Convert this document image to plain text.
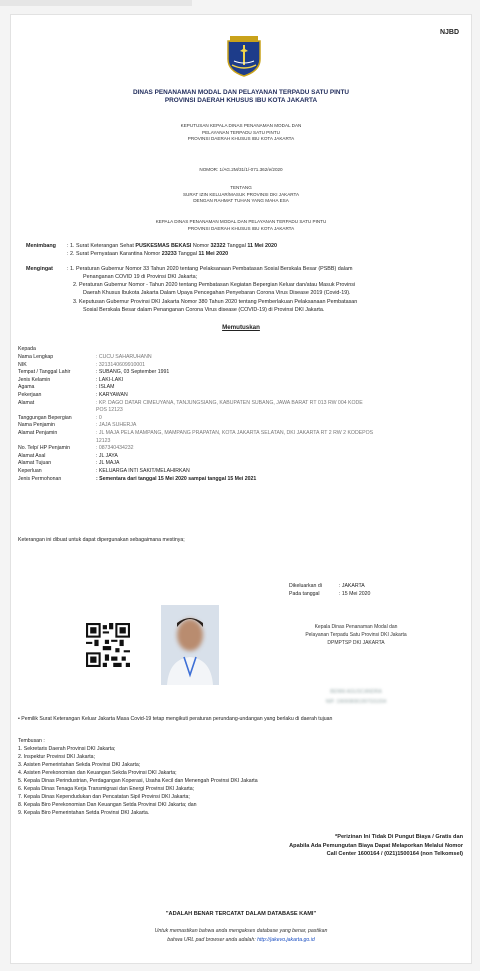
NJBD
DINAS PENANAMAN MODAL DAN PELAYANAN TERPADU SATU PINTU
PROVINSI DAERAH KHUSUS IBU KOTA JAKARTA
KEPUTUSAN KEPALA DINAS PENANAMAN MODAL DAN
PELAYANAN TERPADU SATU PINTU
PROVINSI DAERAH KHUSUS IBU KOTA JAKARTA
NOMOR: 1/AG.2M/31/1/-071.362/e/2020
TENTANG
SURAT IZIN KELUAR/MASUK PROVINSI DKI JAKARTA
DENGAN RAHMAT TUHAN YANG MAHA ESA
KEPALA DINAS PENANAMAN MODAL DAN PELAYANAN TERPADU SATU PINTU
PROVINSI DAERAH KHUSUS IBU KOTA JAKARTA
Menimbang : 1. Surat Keterangan Sehat PUSKESMAS BEKASI Nomor 32322 Tanggal 11 Mei 2020
: 2. Surat Pernyataan Karantina Nomor 23233 Tanggal 11 Mei 2020
Mengingat	: 1. Peraturan Gubernur Nomor 33 Tahun 2020 tentang Pelaksanaan Pembatasan Sosial Berskala Besar (PSBB) dalam
Penanganan COVID 19 di Provinsi DKI Jakarta;
2. Peraturan Gubernur Nomor - Tahun 2020 tentang Pembatasan Kegiatan Bepergian Keluar dan/atau Masuk Provinsi
Daerah Khusus Ibukota Jakarta Dalam Upaya Pencegahan Penyebaran Corona Virus Disease 2019 (Covid-19).
3. Keputusan Gubernur Provinsi DKI Jakarta Nomor 380 Tahun 2020 tentang Pemberlakuan Pelaksanaan Pembatasan
Sosial Berskala Besar dalam Penanganan Corona Virus disease (COVID-19) di Provinsi DKI Jakarta.
Memutuskan
Kepada
Nama Lengkap	: CUCU SAHARUHANN
NIK	: 3213140609910001
Tempat / Tanggal Lahir	: SUBANG, 03 September 1991
Jenis Kelamin	: LAKI-LAKI
Agama	: ISLAM
Pekerjaan	: KARYAWAN
Alamat	: KP. DAGO DATAR CIMEUYANA, TANJUNGSIANG, KABUPATEN SUBANG, JAWA BARAT RT 013 RW 004 KODE
POS 12123
Tanggungan Bepergian	: 0
Nama Penjamin	: JAJA SUHERJA
Alamat Penjamin	: JL MAJA PELA MAMPANG, MAMPANG PRAPATAN, KOTA JAKARTA SELATAN, DKI JAKARTA RT 2 RW 2 KODEPOS
12123
No. Telp/ HP Penjamin	: 087340434232
Alamat Asal	: JL JAYA
Alamat Tujuan	: JL MAJA
Keperluan	: KELUARGA INTI SAKIT/MELAHIRKAN
Jenis Permohonan	: Sementara dari tanggal 15 Mei 2020 sampai tanggal 15 Mei 2021
Keterangan ini dibuat untuk dapat dipergunakan sebagaimana mestinya;
Dikeluarkan di	: JAKARTA
Pada tanggal	: 15 Mei 2020
Kepala Dinas Penanaman Modal dan
Pelayanan Terpadu Satu Provinsi DKI Jakarta
DPMPTSP DKI JAKARTA
BENNI AGUSCANDRA
NIP. 196908081997031004
• Pemilik Surat Keterangan Keluar Jakarta Masa Covid-19 tetap mengikuti peraturan perundang-undangan yang berlaku di daerah tujuan
Tembusan :
1. Sekretaris Daerah Provinsi DKI Jakarta;
2. Inspektur Provinsi DKI Jakarta;
3. Asisten Pemerintahan Sekda Provinsi DKI Jakarta;
4. Asisten Perekonomian dan Keuangan Sekda Provinsi DKI Jakarta;
5. Kepala Dinas Perindustrian, Perdagangan Koperasi, Usaha Kecil dan Menengah Provinsi DKI Jakarta
6. Kepala Dinas Tenaga Kerja Transmigrasi dan Energi Provinsi DKI Jakarta;
7. Kepala Dinas Kependudukan dan Pencatatan Sipil Provinsi DKI Jakarta;
8. Kepala Biro Perekonomian Dan Keuangan Setda Provinsi DKI Jakarta; dan
9. Kepala Biro Pemerintahan Setda Provinsi DKI Jakarta.
*Perizinan Ini Tidak Di Pungut Biaya / Gratis dan
Apabila Ada Pemungutan Biaya Dapat Melaporkan Melalui Nomor
Call Center 1600164 / (021)1500164 (non Telkomsel)
"ADALAH BENAR TERCATAT DALAM DATABASE KAMI"
Untuk memastikan bahwa anda mengakses database yang benar, pastikan
bahwa URL pad browser anda adalah: http://jakevo.jakarta.go.id
